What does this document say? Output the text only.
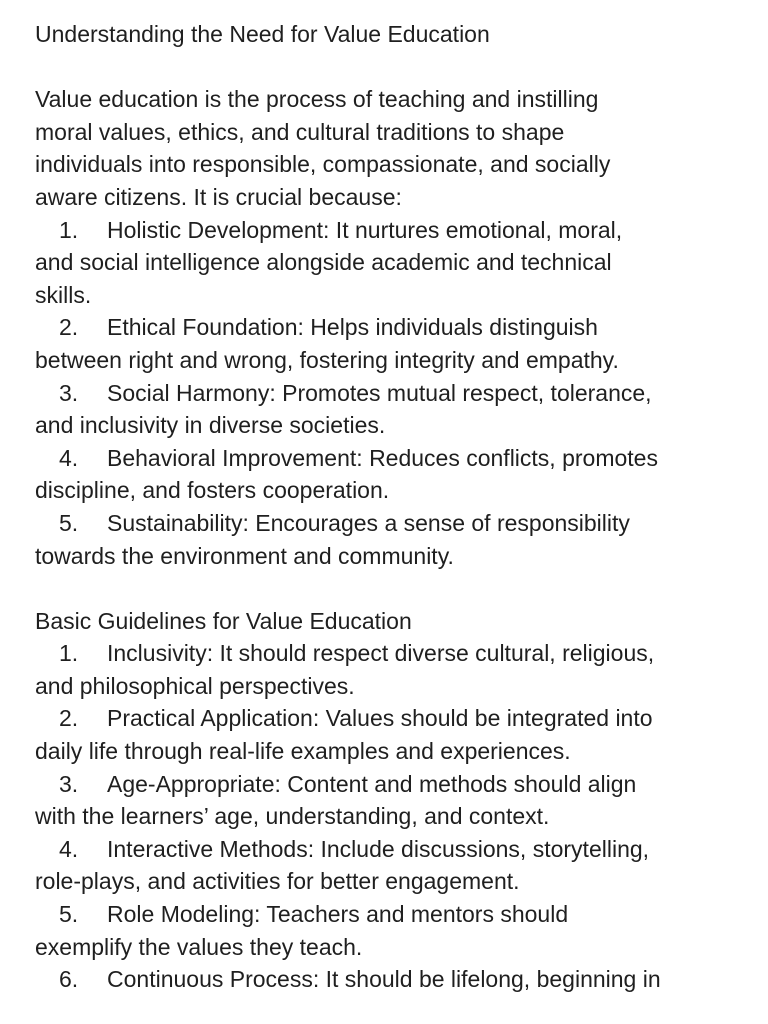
Understanding the Need for Value Education

Value education is the process of teaching and instilling

moral values, ethics, and cultural traditions to shape

individuals into responsible, compassionate, and socially

aware citizens. It is crucial because:

1. Holistic Development: It nurtures emotional, moral,

and social intelligence alongside academic and technical

skills.

2. Ethical Foundation: Helps individuals distinguish

between right and wrong, fostering integrity and empathy.

3. Social Harmony: Promotes mutual respect, tolerance,

and inclusivity in diverse societies.

4. Behavioral Improvement: Reduces conflicts, promotes

discipline, and fosters cooperation.

5. Sustainability: Encourages a sense of responsibility

towards the environment and community.

Basic Guidelines for Value Education

1. Inclusivity: It should respect diverse cultural, religious,

and philosophical perspectives.

2. Practical Application: Values should be integrated into

daily life through real-life examples and experiences.

3. Age-Appropriate: Content and methods should align

with the learners’ age, understanding, and context.

4. Interactive Methods: Include discussions, storytelling,

role-plays, and activities for better engagement.

5. Role Modeling: Teachers and mentors should

exemplify the values they teach.

6. Continuous Process: It should be lifelong, beginning in
